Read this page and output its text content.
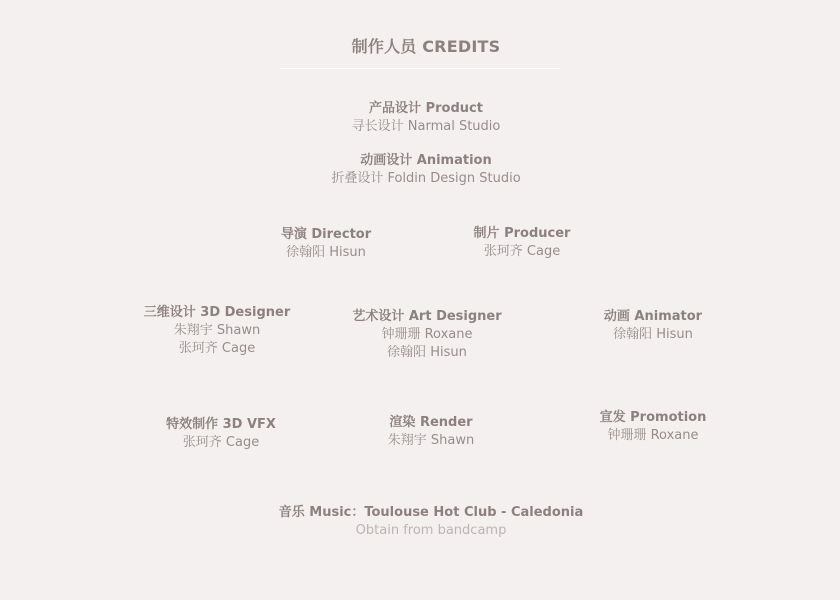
制作人员 CREDITS
产品设计 Product
寻长设计 Narmal Studio
动画设计 Animation
折叠设计 Foldin Design Studio
导演 Director
徐翰阳 Hisun
制片 Producer
张珂齐 Cage
三维设计 3D Designer
朱翔宇 Shawn
张珂齐 Cage
艺术设计 Art Designer
钟珊珊 Roxane
徐翰阳 Hisun
动画 Animator
徐翰阳 Hisun
特效制作 3D VFX
张珂齐 Cage
渲染 Render
朱翔宇 Shawn
宣发 Promotion
钟珊珊 Roxane
音乐 Music：Toulouse Hot Club - Caledonia
Obtain from bandcamp
